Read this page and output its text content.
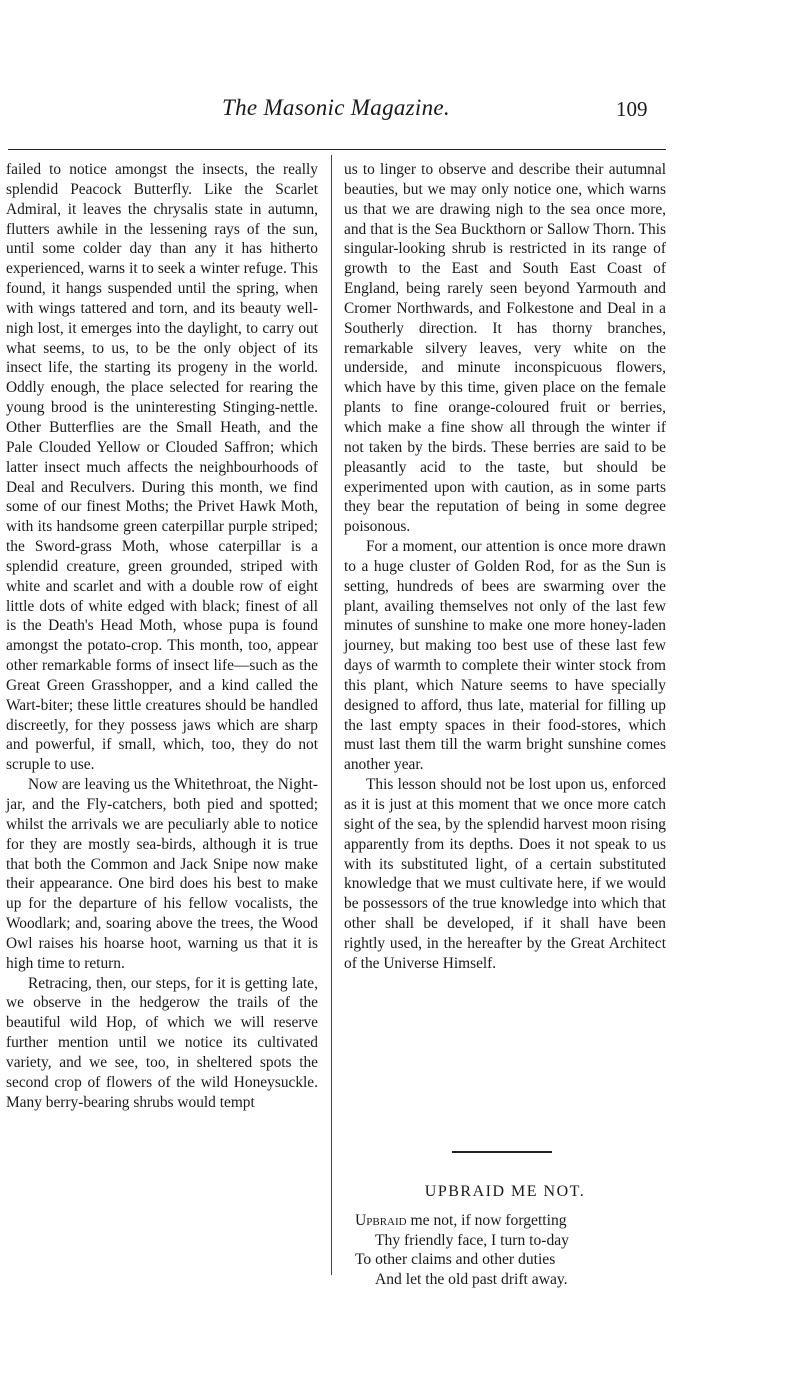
The Masonic Magazine.	109

failed to notice amongst the insects, the really splendid Peacock Butterfly. Like the Scarlet Admiral, it leaves the chrysalis state in autumn, flutters awhile in the lessening rays of the sun, until some colder day than any it has hitherto experienced, warns it to seek a winter refuge. This found, it hangs suspended until the spring, when with wings tattered and torn, and its beauty well-nigh lost, it emerges into the daylight, to carry out what seems, to us, to be the only object of its insect life, the starting its progeny in the world. Oddly enough, the place selected for rearing the young brood is the uninteresting Stinging-nettle. Other Butterflies are the Small Heath, and the Pale Clouded Yellow or Clouded Saffron; which latter insect much affects the neighbourhoods of Deal and Reculvers. During this month, we find some of our finest Moths; the Privet Hawk Moth, with its handsome green caterpillar purple striped; the Sword-grass Moth, whose caterpillar is a splendid creature, green grounded, striped with white and scarlet and with a double row of eight little dots of white edged with black; finest of all is the Death's Head Moth, whose pupa is found amongst the potato-crop. This month, too, appear other remarkable forms of insect life—such as the Great Green Grasshopper, and a kind called the Wart-biter; these little creatures should be handled discreetly, for they possess jaws which are sharp and powerful, if small, which, too, they do not scruple to use.

Now are leaving us the Whitethroat, the Night-jar, and the Fly-catchers, both pied and spotted; whilst the arrivals we are peculiarly able to notice for they are mostly sea-birds, although it is true that both the Common and Jack Snipe now make their appearance. One bird does his best to make up for the departure of his fellow vocalists, the Woodlark; and, soaring above the trees, the Wood Owl raises his hoarse hoot, warning us that it is high time to return.

Retracing, then, our steps, for it is getting late, we observe in the hedgerow the trails of the beautiful wild Hop, of which we will reserve further mention until we notice its cultivated variety, and we see, too, in sheltered spots the second crop of flowers of the wild Honeysuckle. Many berry-bearing shrubs would tempt

us to linger to observe and describe their autumnal beauties, but we may only notice one, which warns us that we are drawing nigh to the sea once more, and that is the Sea Buckthorn or Sallow Thorn. This singular-looking shrub is restricted in its range of growth to the East and South East Coast of England, being rarely seen beyond Yarmouth and Cromer Northwards, and Folkestone and Deal in a Southerly direction. It has thorny branches, remarkable silvery leaves, very white on the underside, and minute inconspicuous flowers, which have by this time, given place on the female plants to fine orange-coloured fruit or berries, which make a fine show all through the winter if not taken by the birds. These berries are said to be pleasantly acid to the taste, but should be experimented upon with caution, as in some parts they bear the reputation of being in some degree poisonous.

For a moment, our attention is once more drawn to a huge cluster of Golden Rod, for as the Sun is setting, hundreds of bees are swarming over the plant, availing themselves not only of the last few minutes of sunshine to make one more honey-laden journey, but making too best use of these last few days of warmth to complete their winter stock from this plant, which Nature seems to have specially designed to afford, thus late, material for filling up the last empty spaces in their food-stores, which must last them till the warm bright sunshine comes another year.

This lesson should not be lost upon us, enforced as it is just at this moment that we once more catch sight of the sea, by the splendid harvest moon rising apparently from its depths. Does it not speak to us with its substituted light, of a certain substituted knowledge that we must cultivate here, if we would be possessors of the true knowledge into which that other shall be developed, if it shall have been rightly used, in the hereafter by the Great Architect of the Universe Himself.

UPBRAID ME NOT.
Upbraid me not, if now forgetting
Thy friendly face, I turn to-day
To other claims and other duties
And let the old past drift away.
